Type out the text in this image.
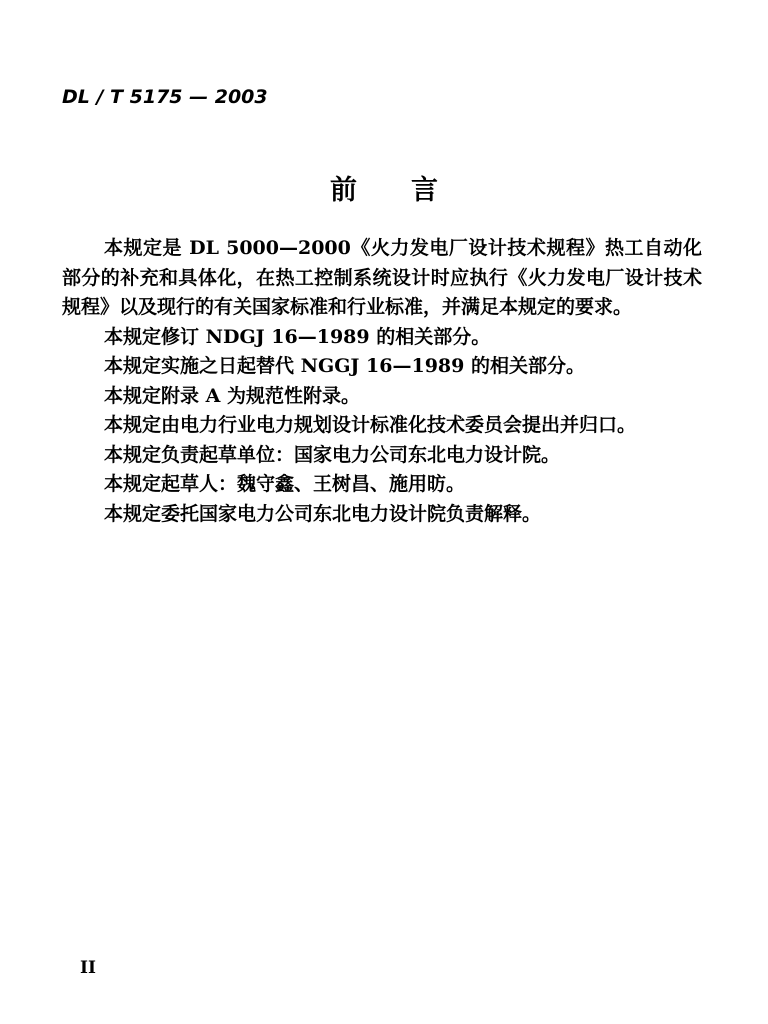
DL / T 5175 — 2003
前 言

本规定是 DL 5000—2000《火力发电厂设计技术规程》热工自动化部分的补充和具体化，在热工控制系统设计时应执行《火力发电厂设计技术规程》以及现行的有关国家标准和行业标准，并满足本规定的要求。

本规定修订 NDGJ 16—1989 的相关部分。

本规定实施之日起替代 NGGJ 16—1989 的相关部分。

本规定附录 A 为规范性附录。

本规定由电力行业电力规划设计标准化技术委员会提出并归口。

本规定负责起草单位：国家电力公司东北电力设计院。

本规定起草人：魏守鑫、王树昌、施用昉。

本规定委托国家电力公司东北电力设计院负责解释。

II
